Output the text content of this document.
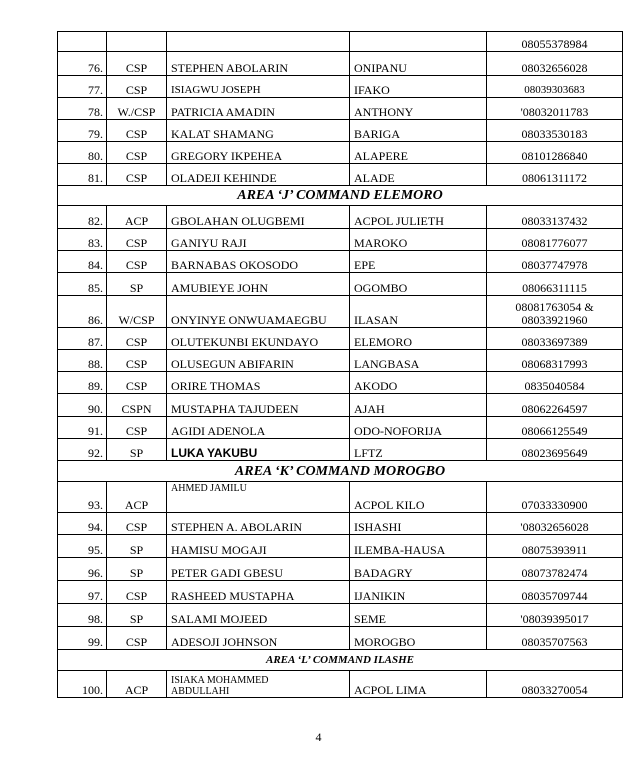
				08055378984
76.	CSP	STEPHEN ABOLARIN	ONIPANU	08032656028
77.	CSP	ISIAGWU JOSEPH	IFAKO	08039303683
78.	W./CSP	PATRICIA AMADIN	ANTHONY	'08032011783
79.	CSP	KALAT SHAMANG	BARIGA	08033530183
80.	CSP	GREGORY IKPEHEA	ALAPERE	08101286840
81.	CSP	OLADEJI KEHINDE	ALADE	08061311172
AREA ‘J’ COMMAND ELEMORO				
82.	ACP	GBOLAHAN OLUGBEMI	ACPOL JULIETH	08033137432
83.	CSP	GANIYU RAJI	MAROKO	08081776077
84.	CSP	BARNABAS OKOSODO	EPE	08037747978
85.	SP	AMUBIEYE JOHN	OGOMBO	08066311115
86.	W/CSP	ONYINYE ONWUAMAEGBU	ILASAN	08081763054 &
08033921960

87.	CSP	OLUTEKUNBI EKUNDAYO	ELEMORO	08033697389
88.	CSP	OLUSEGUN ABIFARIN	LANGBASA	08068317993
89.	CSP	ORIRE THOMAS	AKODO	0835040584
90.	CSPN	MUSTAPHA TAJUDEEN	AJAH	08062264597
91.	CSP	AGIDI ADENOLA	ODO-NOFORIJA	08066125549
92.	SP	LUKA YAKUBU	LFTZ	08023695649
AREA ‘K’ COMMAND MOROGBO				
93.	ACP	AHMED JAMILU	ACPOL KILO	07033330900
94.	CSP	STEPHEN A. ABOLARIN	ISHASHI	'08032656028
95.	SP	HAMISU MOGAJI	ILEMBA-HAUSA	08075393911
96.	SP	PETER GADI GBESU	BADAGRY	08073782474
97.	CSP	RASHEED MUSTAPHA	IJANIKIN	08035709744
98.	SP	SALAMI MOJEED	SEME	'08039395017
99.	CSP	ADESOJI JOHNSON	MOROGBO	08035707563
AREA ‘L’ COMMAND ILASHE				
100.	ACP	ISIAKA MOHAMMED
ABDULLAHI	ACPOL LIMA	08033270054
4
